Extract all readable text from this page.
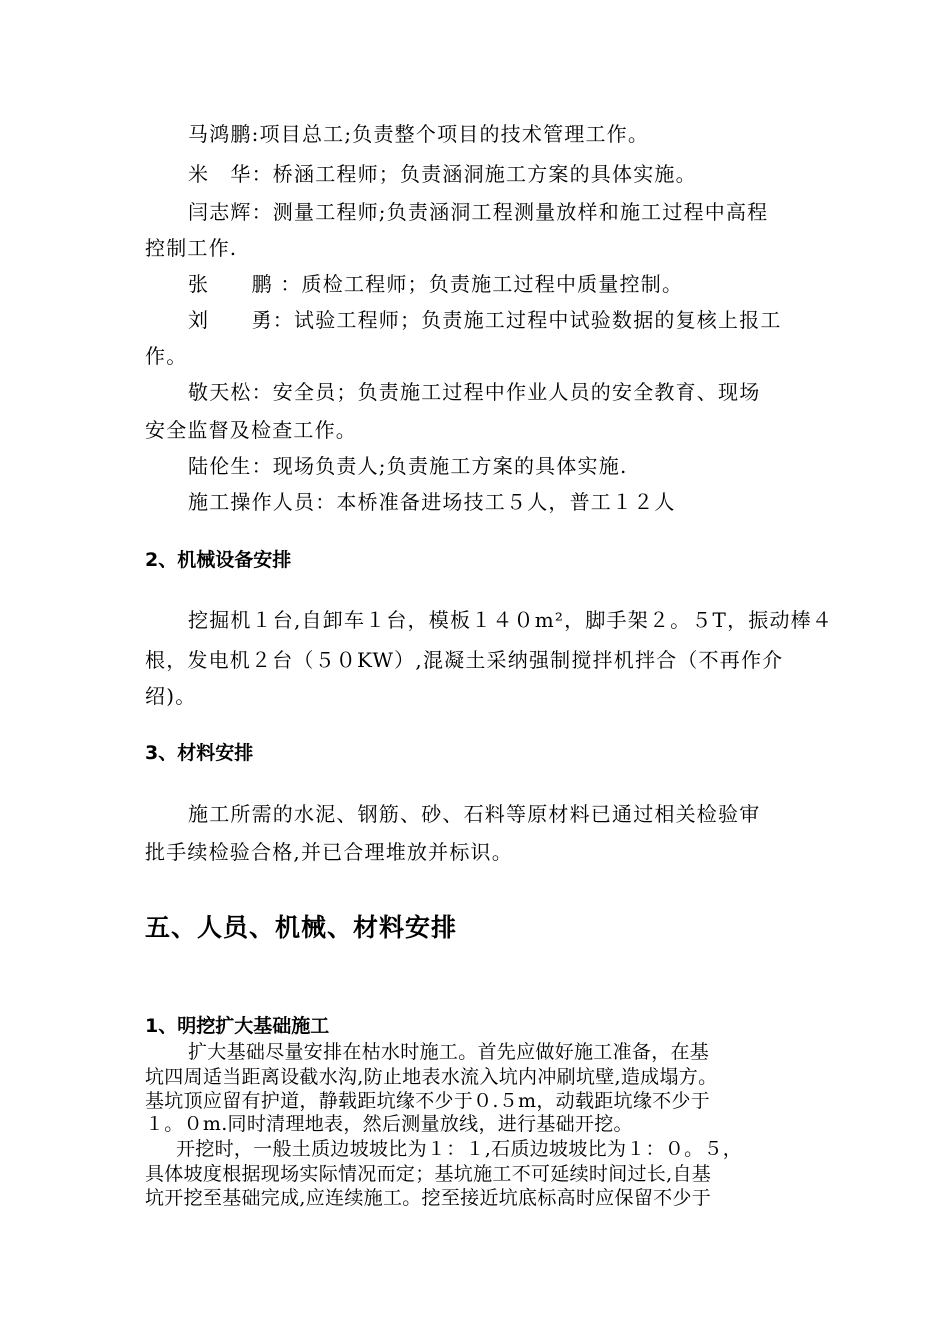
马鸿鹏:项目总工;负责整个项目的技术管理工作。
米　华：桥涵工程师；负责涵洞施工方案的具体实施。
闫志辉：测量工程师;负责涵洞工程测量放样和施工过程中高程
控制工作.
张　　鹏 ：质检工程师；负责施工过程中质量控制。
刘　　勇：试验工程师；负责施工过程中试验数据的复核上报工
作。
敬天松：安全员；负责施工过程中作业人员的安全教育、现场
安全监督及检查工作。
陆伦生：现场负责人;负责施工方案的具体实施.
施工操作人员：本桥准备进场技工５人，普工１２人
2、机械设备安排
挖掘机１台,自卸车１台，模板１４０m²，脚手架２。５T，振动棒４
根，发电机２台（５０KW）,混凝土采纳强制搅拌机拌合（不再作介
绍)。
3、材料安排
施工所需的水泥、钢筋、砂、石料等原材料已通过相关检验审
批手续检验合格,并已合理堆放并标识。
五、人员、机械、材料安排
1、明挖扩大基础施工
扩大基础尽量安排在枯水时施工。首先应做好施工准备，在基
坑四周适当距离设截水沟,防止地表水流入坑内冲刷坑壁,造成塌方。
基坑顶应留有护道，静载距坑缘不少于０.５m，动载距坑缘不少于
１。０m.同时清理地表，然后测量放线，进行基础开挖。
开挖时，一般土质边坡坡比为１：１,石质边坡坡比为１：０。５，
具体坡度根据现场实际情况而定；基坑施工不可延续时间过长,自基
坑开挖至基础完成,应连续施工。挖至接近坑底标高时应保留不少于
